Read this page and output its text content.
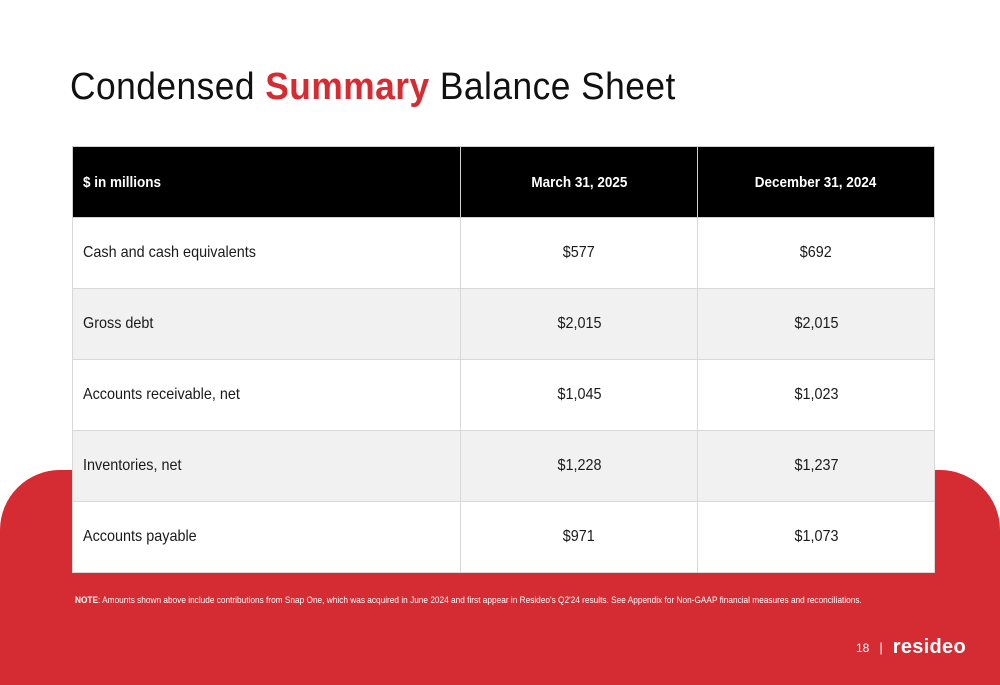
Condensed Summary Balance Sheet
$ in millions	March 31, 2025	December 31, 2024
Cash and cash equivalents	$577	$692
Gross debt	$2,015	$2,015
Accounts receivable, net	$1,045	$1,023
Inventories, net	$1,228	$1,237
Accounts payable	$971	$1,073
NOTE: Amounts shown above include contributions from Snap One, which was acquired in June 2024 and first appear in Resideo's Q2'24 results. See Appendix for Non-GAAP financial measures and reconciliations.
18 | resideo
